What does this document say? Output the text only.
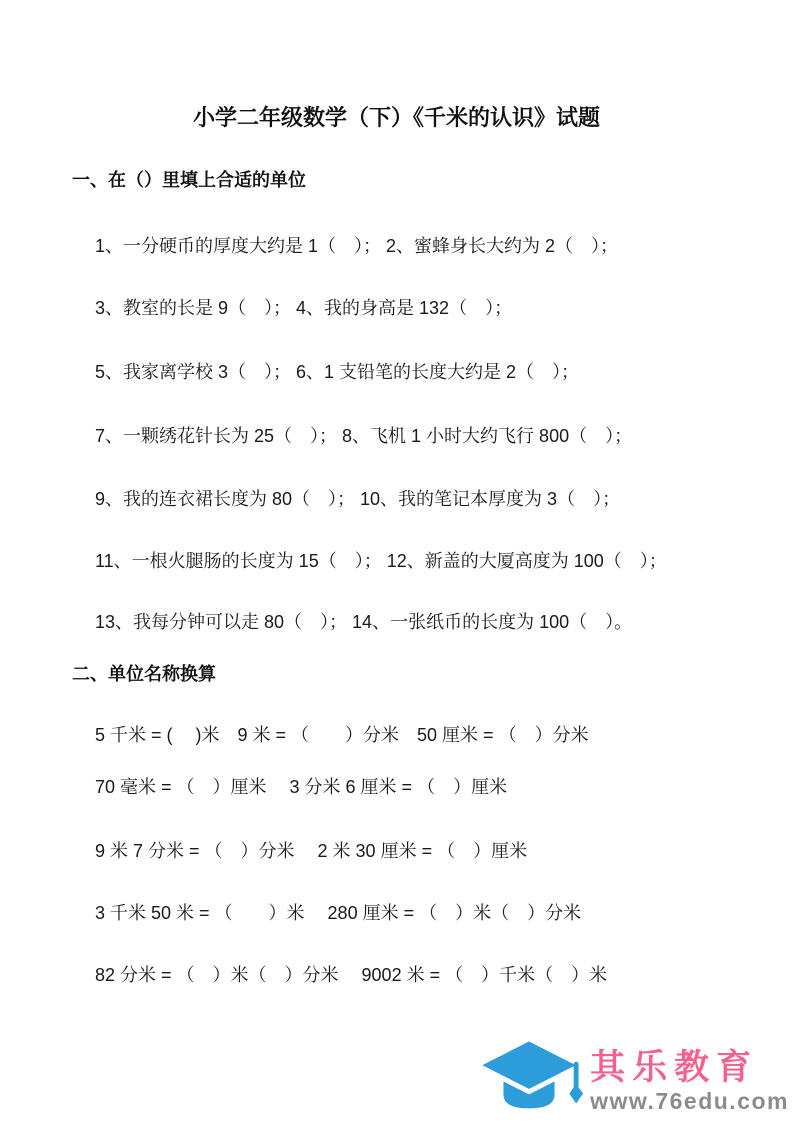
小学二年级数学（下）《千米的认识》试题
一、在（）里填上合适的单位

1、一分硬币的厚度大约是 1（　）； 2、蜜蜂身长大约为 2（　）；

3、教室的长是 9（　）； 4、我的身高是 132（　）；

5、我家离学校 3（　）； 6、1 支铅笔的长度大约是 2（　）；

7、一颗绣花针长为 25（　）； 8、飞机 1 小时大约飞行 800（　）；

9、我的连衣裙长度为 80（　）； 10、我的笔记本厚度为 3（　）；

11、一根火腿肠的长度为 15（　）； 12、新盖的大厦高度为 100（　）；

13、我每分钟可以走 80（　）； 14、一张纸币的长度为 100（　）。

二、单位名称换算

5 千米 = (　 )米　9 米 = （　　）分米　50 厘米 = （　）分米

70 毫米 = （　）厘米　 3 分米 6 厘米 = （　）厘米

9 米 7 分米 = （　）分米　 2 米 30 厘米 = （　）厘米

3 千米 50 米 = （　　）米　 280 厘米 = （　）米（　）分米

82 分米 = （　）米（　）分米　 9002 米 = （　）千米（　）米

其乐教育
www.76edu.com
